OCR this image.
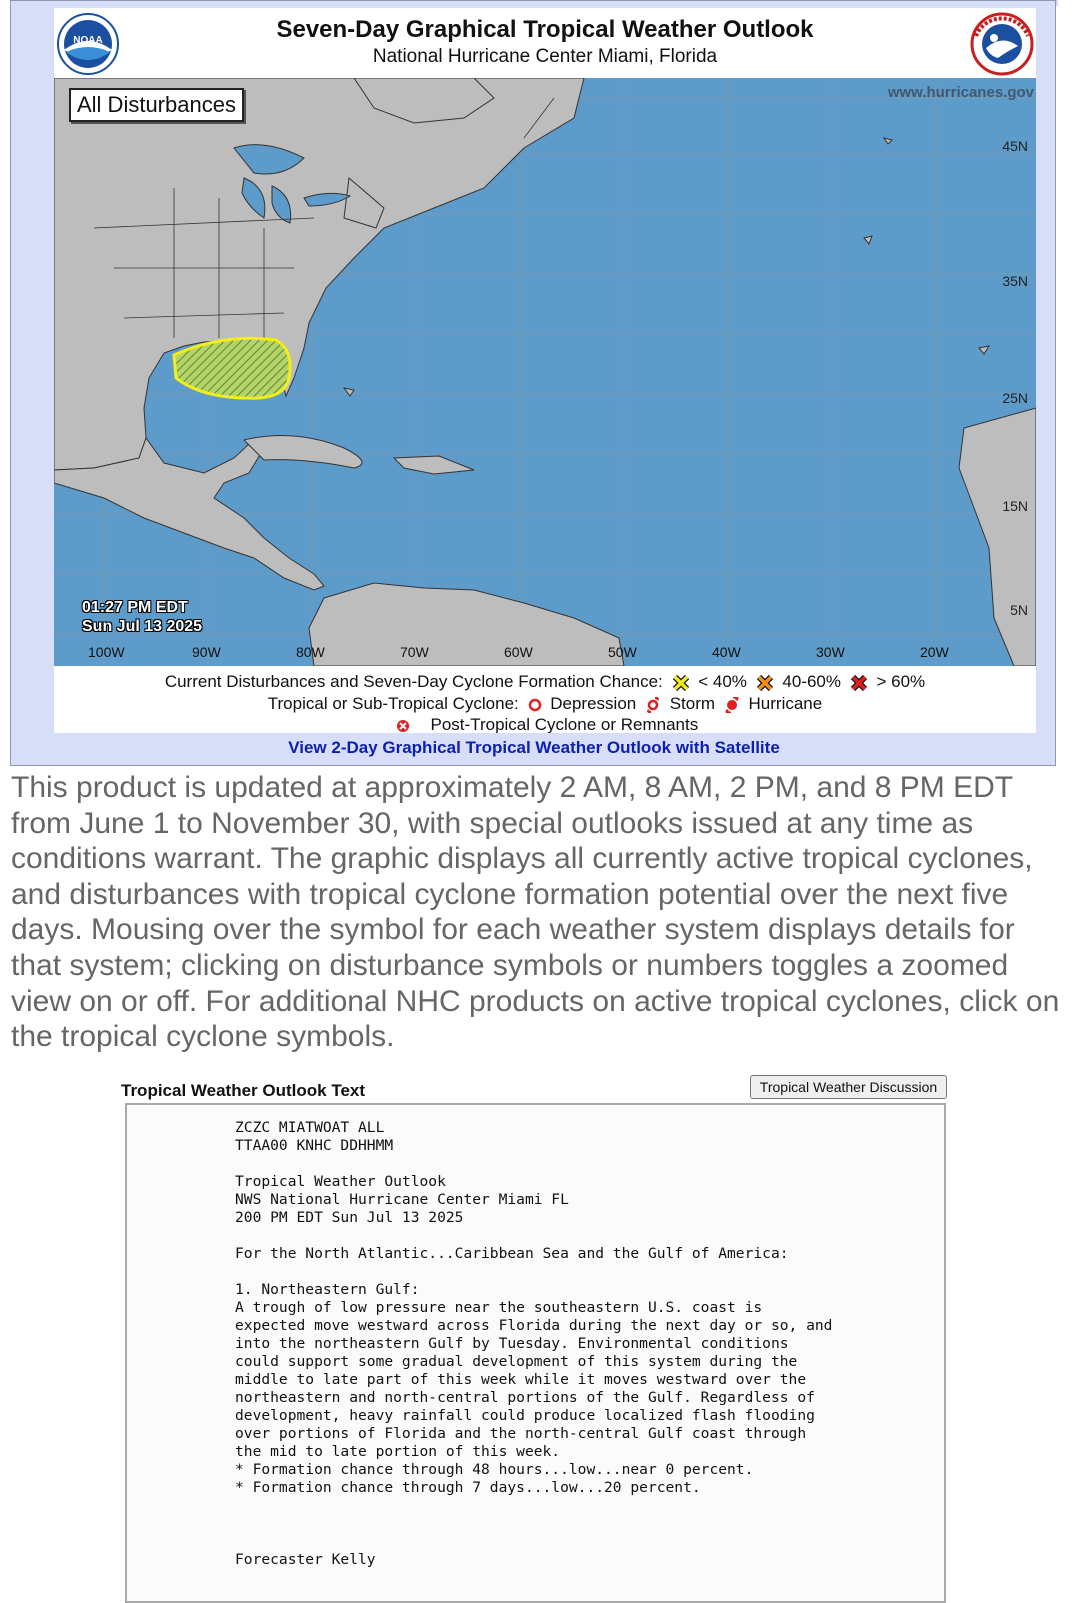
NOAA	Seven-Day Graphical Tropical Weather Outlook
National Hurricane Center Miami, Florida
All Disturbances	www.hurricanes.gov
01:27 PM EDT
Sun Jul 13 2025
45N
35N
25N
15N
5N
100W	90W	80W	70W	60W	50W	40W	30W	20W
Current Disturbances and Seven-Day Cyclone Formation Chance: < 40% 40-60% > 60%
Tropical or Sub-Tropical Cyclone: Depression Storm Hurricane
Post-Tropical Cyclone or Remnants
View 2-Day Graphical Tropical Weather Outlook with Satellite
This product is updated at approximately 2 AM, 8 AM, 2 PM, and 8 PM EDT from June 1 to November 30, with special outlooks issued at any time as conditions warrant. The graphic displays all currently active tropical cyclones, and disturbances with tropical cyclone formation potential over the next five days. Mousing over the symbol for each weather system displays details for that system; clicking on disturbance symbols or numbers toggles a zoomed view on or off. For additional NHC products on active tropical cyclones, click on the tropical cyclone symbols.
Tropical Weather Outlook Text	Tropical Weather Discussion
ZCZC MIATWOAT ALL
TTAA00 KNHC DDHHMM

Tropical Weather Outlook
NWS National Hurricane Center Miami FL
200 PM EDT Sun Jul 13 2025

For the North Atlantic...Caribbean Sea and the Gulf of America:

1. Northeastern Gulf:
A trough of low pressure near the southeastern U.S. coast is
expected move westward across Florida during the next day or so, and
into the northeastern Gulf by Tuesday. Environmental conditions
could support some gradual development of this system during the
middle to late part of this week while it moves westward over the
northeastern and north-central portions of the Gulf. Regardless of
development, heavy rainfall could produce localized flash flooding
over portions of Florida and the north-central Gulf coast through
the mid to late portion of this week.
* Formation chance through 48 hours...low...near 0 percent.
* Formation chance through 7 days...low...20 percent.

Forecaster Kelly
